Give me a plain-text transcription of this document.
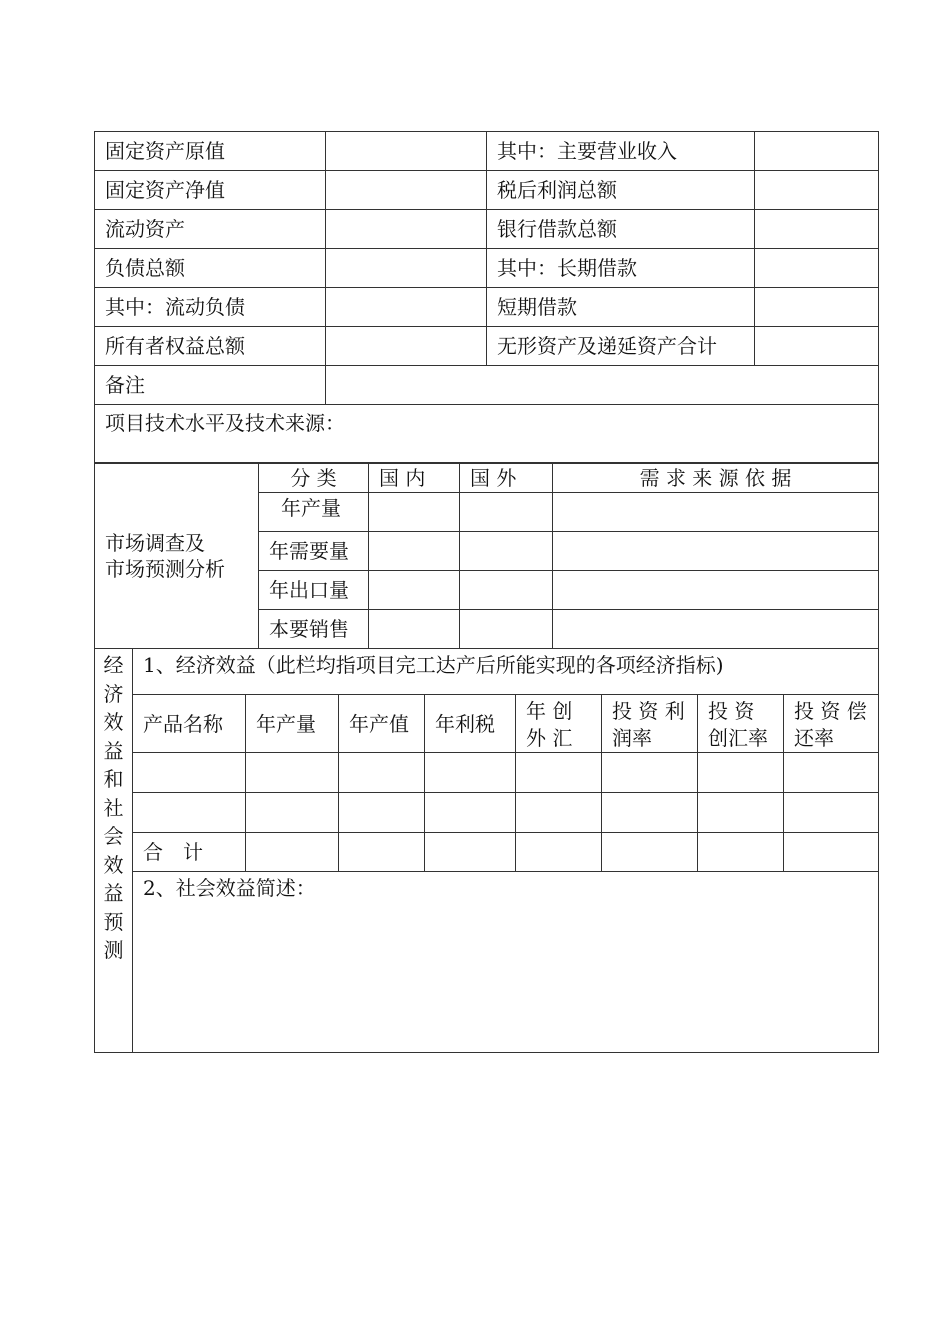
固定资产原值		其中：主要营业收入	
固定资产净值		税后利润总额	
流动资产		银行借款总额	
负债总额		其中：长期借款	
其中：流动负债		短期借款	
所有者权益总额		无形资产及递延资产合计	
备注			
项目技术水平及技术来源：			
市场调查及
市场预测分析	分 类	国 内	国 外	需 求 来 源 依 据
	年产量			
	年需要量			
	年出口量			
	本要销售			
经济效益和社会效益预测	1、经济效益（此栏均指项目完工达产后所能实现的各项经济指标)							
	产品名称	年产量	年产值	年利税	年 创 外 汇	投 资 利润率	投 资 创汇率	投 资 偿还率

	合　计							
	2、社会效益简述：							
